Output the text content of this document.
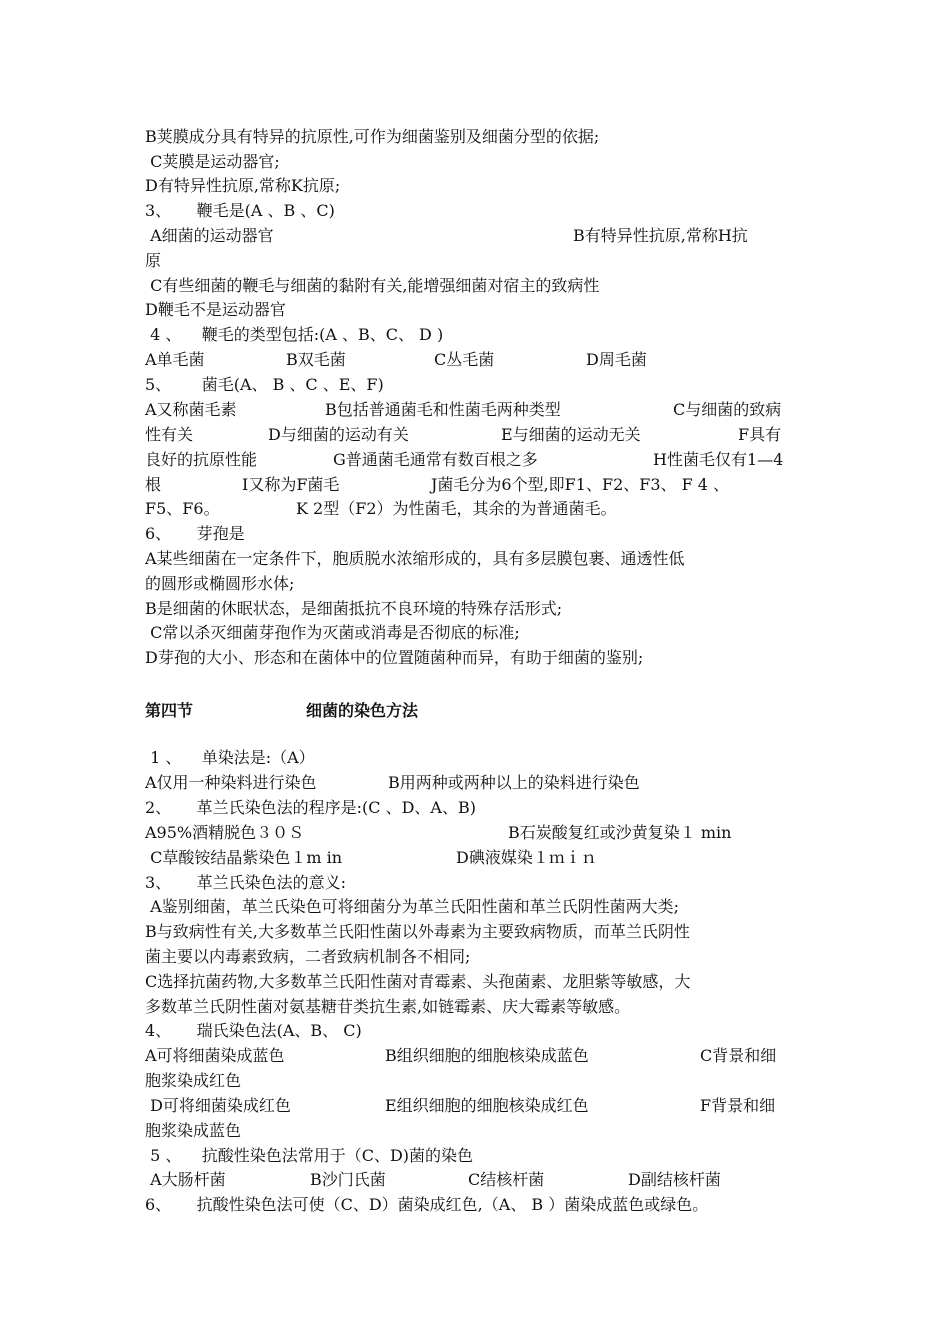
B荚膜成分具有特异的抗原性,可作为细菌鉴别及细菌分型的依据;
C荚膜是运动器官;
D有特异性抗原,常称K抗原;
3、     鞭毛是(A 、B 、C)

A细菌的运动器官

	B有特异性抗原,常称H抗

原
C有些细菌的鞭毛与细菌的黏附有关,能增强细菌对宿主的致病性
D鞭毛不是运动器官
4 、    鞭毛的类型包括:(A 、B、C、 D )

A单毛菌

	B双毛菌

	C丛毛菌

	D周毛菌

5、      菌毛(A、 B 、C 、E、F)

A又称菌毛素

	B包括普通菌毛和性菌毛两种类型

	C与细菌的致病

性有关

	D与细菌的运动有关

	E与细菌的运动无关

	F具有

良好的抗原性能

	G普通菌毛通常有数百根之多

	H性菌毛仅有1—4

根

	I又称为F菌毛

	J菌毛分为6个型,即F1、F2、F3、 F 4 、

F5、F6。

	K 2型（F2）为性菌毛，其余的为普通菌毛。

6、     芽孢是
A某些细菌在一定条件下，胞质脱水浓缩形成的，具有多层膜包裹、通透性低
的圆形或椭圆形水体;
B是细菌的休眠状态，是细菌抵抗不良环境的特殊存活形式;
C常以杀灭细菌芽孢作为灭菌或消毒是否彻底的标准;
D芽孢的大小、形态和在菌体中的位置随菌种而异，有助于细菌的鉴别;

第四节

	细菌的染色方法

1 、    单染法是:（A）

A仅用一种染料进行染色

	B用两种或两种以上的染料进行染色

2、     革兰氏染色法的程序是:(C 、D、A、B)

A95%酒精脱色３０Ｓ

	B石炭酸复红或沙黄复染１ min

C草酸铵结晶紫染色１m in

	D碘液媒染１ｍｉｎ

3、     革兰氏染色法的意义:
A鉴别细菌，革兰氏染色可将细菌分为革兰氏阳性菌和革兰氏阴性菌两大类;
B与致病性有关,大多数革兰氏阳性菌以外毒素为主要致病物质，而革兰氏阴性
菌主要以内毒素致病，二者致病机制各不相同;
C选择抗菌药物,大多数革兰氏阳性菌对青霉素、头孢菌素、龙胆紫等敏感，大
多数革兰氏阴性菌对氨基糖苷类抗生素,如链霉素、庆大霉素等敏感。
4、     瑞氏染色法(A、B、 C)

A可将细菌染成蓝色

	B组织细胞的细胞核染成蓝色

	C背景和细

胞浆染成红色

D可将细菌染成红色

	E组织细胞的细胞核染成红色

	F背景和细

胞浆染成蓝色
5 、    抗酸性染色法常用于（C、D)菌的染色

A大肠杆菌

	B沙门氏菌

	C结核杆菌

	D副结核杆菌

6、     抗酸性染色法可使（C、D）菌染成红色,（A、 B ）菌染成蓝色或绿色。
